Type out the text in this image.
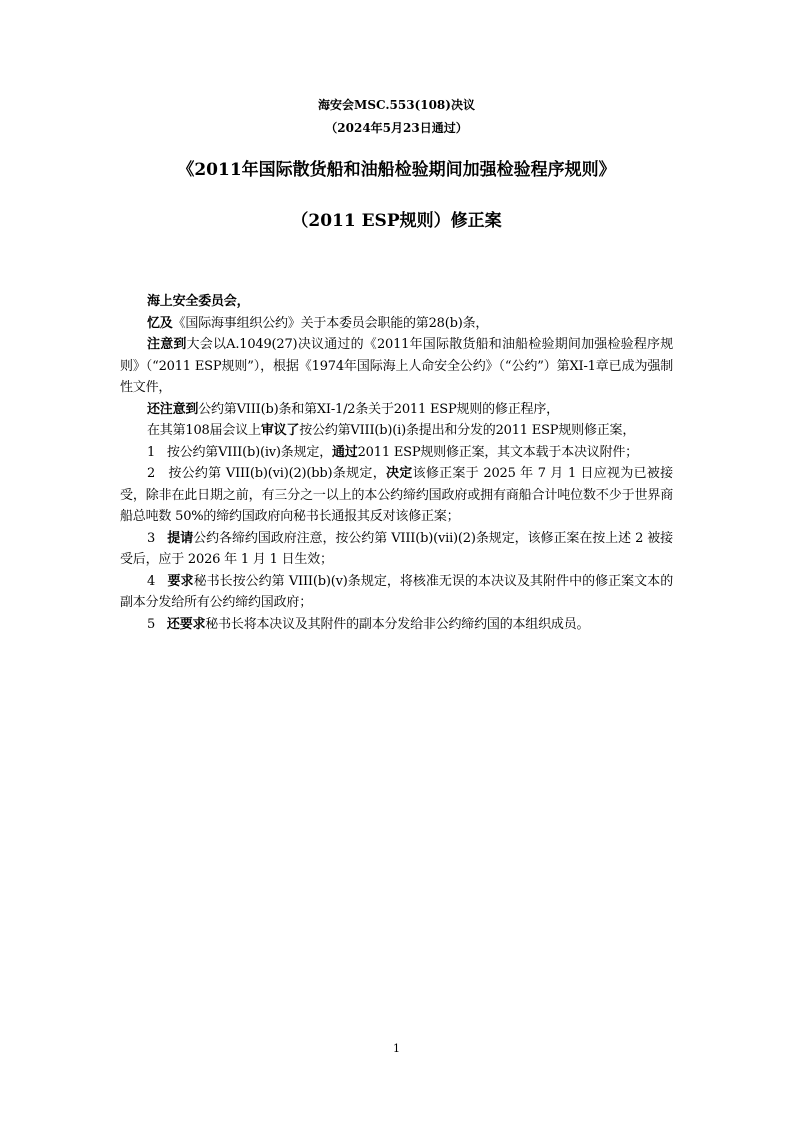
海安会MSC.553(108)决议
（2024年5月23日通过）
《2011年国际散货船和油船检验期间加强检验程序规则》
（2011 ESP规则）修正案

海上安全委员会，

忆及《国际海事组织公约》关于本委员会职能的第28(b)条，

注意到大会以A.1049(27)决议通过的《2011年国际散货船和油船检验期间加强检验程序规则》（“2011 ESP规则”），根据《1974年国际海上人命安全公约》（“公约”）第XI-1章已成为强制性文件，

还注意到公约第VIII(b)条和第XI-1/2条关于2011 ESP规则的修正程序，

在其第108届会议上审议了按公约第VIII(b)(i)条提出和分发的2011 ESP规则修正案，

1 按公约第VIII(b)(iv)条规定，通过2011 ESP规则修正案，其文本载于本决议附件；

2 按公约第 VIII(b)(vi)(2)(bb)条规定，决定该修正案于 2025 年 7 月 1 日应视为已被接受，除非在此日期之前，有三分之一以上的本公约缔约国政府或拥有商船合计吨位数不少于世界商船总吨数 50%的缔约国政府向秘书长通报其反对该修正案；

3 提请公约各缔约国政府注意，按公约第 VIII(b)(vii)(2)条规定，该修正案在按上述 2 被接受后，应于 2026 年 1 月 1 日生效；

4 要求秘书长按公约第 VIII(b)(v)条规定，将核准无误的本决议及其附件中的修正案文本的副本分发给所有公约缔约国政府；

5 还要求秘书长将本决议及其附件的副本分发给非公约缔约国的本组织成员。

1
